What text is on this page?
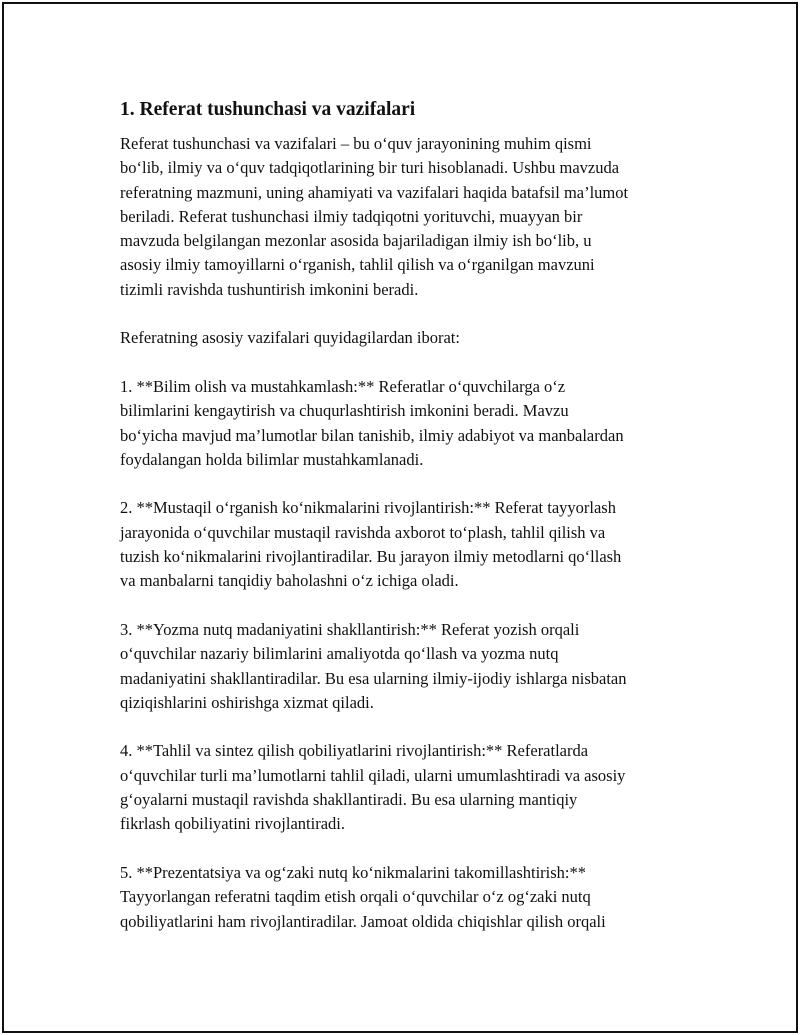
1. Referat tushunchasi va vazifalari
Referat tushunchasi va vazifalari – bu o‘quv jarayonining muhim qismi
bo‘lib, ilmiy va o‘quv tadqiqotlarining bir turi hisoblanadi. Ushbu mavzuda
referatning mazmuni, uning ahamiyati va vazifalari haqida batafsil ma’lumot
beriladi. Referat tushunchasi ilmiy tadqiqotni yorituvchi, muayyan bir
mavzuda belgilangan mezonlar asosida bajariladigan ilmiy ish bo‘lib, u
asosiy ilmiy tamoyillarni o‘rganish, tahlil qilish va o‘rganilgan mavzuni
tizimli ravishda tushuntirish imkonini beradi.
Referatning asosiy vazifalari quyidagilardan iborat:
1. **Bilim olish va mustahkamlash:** Referatlar o‘quvchilarga o‘z
bilimlarini kengaytirish va chuqurlashtirish imkonini beradi. Mavzu
bo‘yicha mavjud ma’lumotlar bilan tanishib, ilmiy adabiyot va manbalardan
foydalangan holda bilimlar mustahkamlanadi.
2. **Mustaqil o‘rganish ko‘nikmalarini rivojlantirish:** Referat tayyorlash
jarayonida o‘quvchilar mustaqil ravishda axborot to‘plash, tahlil qilish va
tuzish ko‘nikmalarini rivojlantiradilar. Bu jarayon ilmiy metodlarni qo‘llash
va manbalarni tanqidiy baholashni o‘z ichiga oladi.
3. **Yozma nutq madaniyatini shakllantirish:** Referat yozish orqali
o‘quvchilar nazariy bilimlarini amaliyotda qo‘llash va yozma nutq
madaniyatini shakllantiradilar. Bu esa ularning ilmiy-ijodiy ishlarga nisbatan
qiziqishlarini oshirishga xizmat qiladi.
4. **Tahlil va sintez qilish qobiliyatlarini rivojlantirish:** Referatlarda
o‘quvchilar turli ma’lumotlarni tahlil qiladi, ularni umumlashtiradi va asosiy
g‘oyalarni mustaqil ravishda shakllantiradi. Bu esa ularning mantiqiy
fikrlash qobiliyatini rivojlantiradi.
5. **Prezentatsiya va og‘zaki nutq ko‘nikmalarini takomillashtirish:**
Tayyorlangan referatni taqdim etish orqali o‘quvchilar o‘z og‘zaki nutq
qobiliyatlarini ham rivojlantiradilar. Jamoat oldida chiqishlar qilish orqali
